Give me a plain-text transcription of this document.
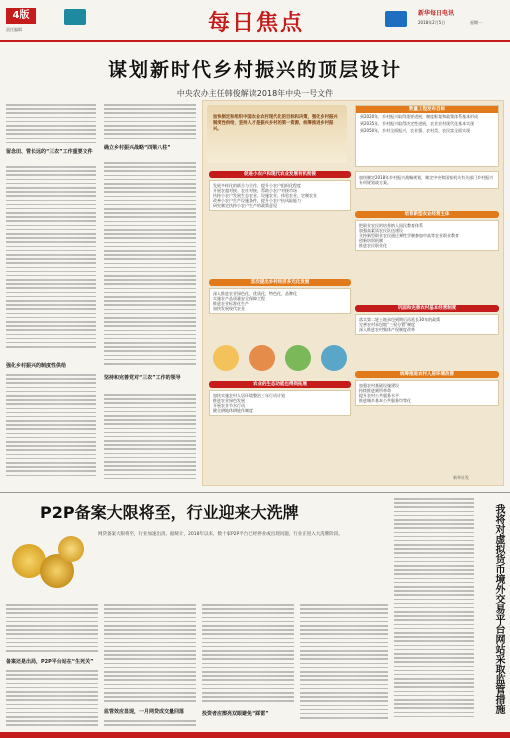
4版
责任编辑	每日焦点	新华每日电讯
2018年2月5日	星期一
谋划新时代乡村振兴的顶层设计
中央农办主任韩俊解读2018年中央一号文件
留念田、管长远的“三农”工作重要文件
强化乡村振兴的制度性供给
确立乡村振兴战略“四梁八柱”
坚持和完善党对“三农”工作的领导
加快制定和组织中国农业农村现代化的目标和决策，强化乡村振兴制度性供给，坚持人才是振兴乡村的第一资源，统筹推进乡村振兴。
数量工程发布目标
到2020年，乡村振兴取得重要进展，制度框架和政策体系基本形成
到2035年，乡村振兴取得决定性进展，农业农村现代化基本实现
到2050年，乡村全面振兴，农业强、农村美、农民富全面实现
促进小农户和现代农业发展有机衔接
发展多样化的联合与合作，提升小农户组织化程度
开展农超对接、农社对接，帮助小农户对接市场
扶持小农户发展生态农业、设施农业、体验农业、定制农业
改善小农户生产设施条件，提升小农户抗风险能力
研究制定扶持小农户生产的政策意见
首次提出乡村经济多元化发展
深入推进农业绿色化、优质化、特色化、品牌化
实施农产品质量安全保障工程
推进农业标准化生产
加快发展现代农业
农业的生态功能也得到拓展
加快实施农村人居环境整治三年行动计划
推进农业绿色发展
开展农业节水行动
健全耕地休耕轮作制度
加快制定2018年乡村振兴战略规划，制定中央和国家机关有关部门乡村振兴专项规划或方案。
培育新型农业经营主体
把职业农民的培养纳入国民教育体系
加强高素质农民队伍建设
支持新型职业农民通过弹性学制参加中高等农业职业教育
创新培训机制
推进农民职业化
巩固和完善农村基本经营制度
落实第二轮土地承包到期后再延长30年的政策
完善农村承包地“三权分置”制度
深入推进农村集体产权制度改革
统筹推进农村人居环境改善
加强农村基础设施建设
持续推进厕所革命
提升农村公共服务水平
推进城乡基本公共服务均等化
新华社发
P2P备案大限将至，行业迎来大洗牌
网贷备案大限将至，行业加速出清。据统计，2018年以来，数十家P2P平台已经停业或出现问题，行业正进入大洗牌阶段。
备案还是出局，P2P平台站在“生死关”
监管效应显现，一月网贷成交量回落	投资者应擦亮双眼避免“踩雷”	我将对虚拟货币境外交易平台网站采取监管措施
